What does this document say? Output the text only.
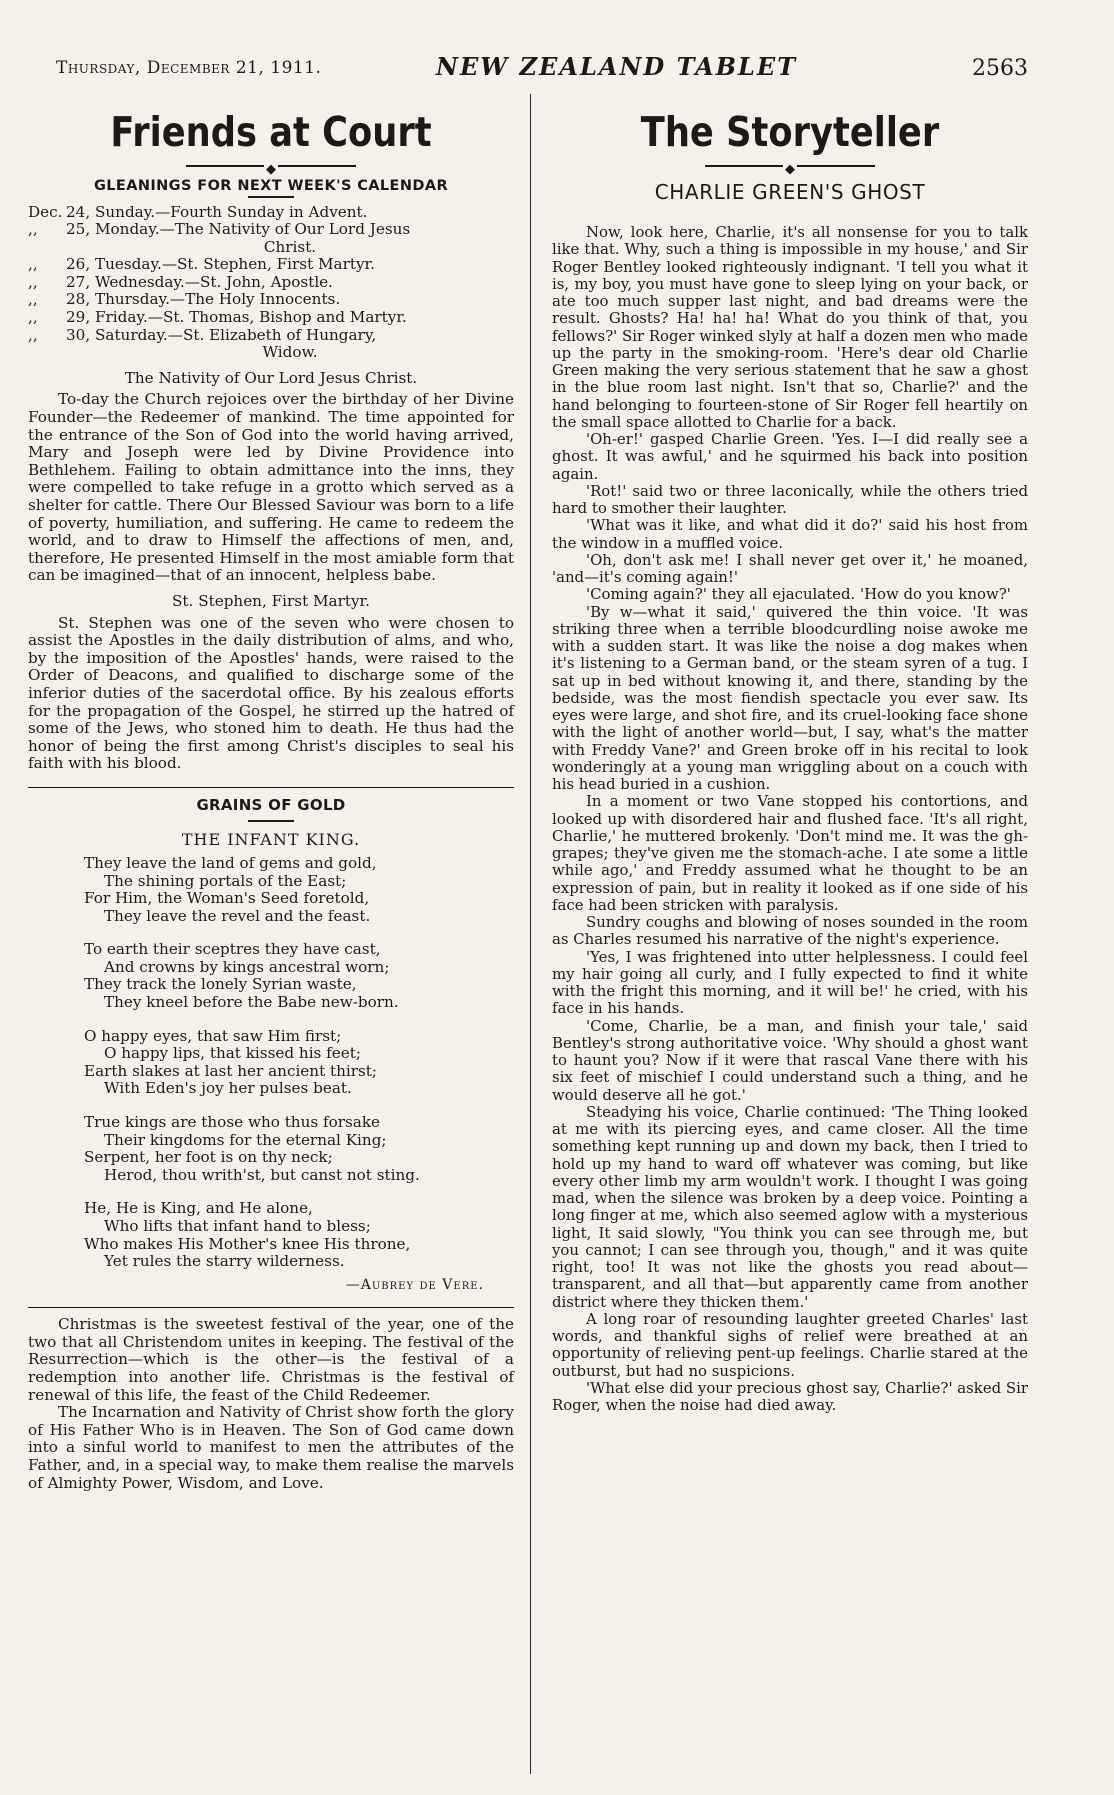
Thursday, December 21, 1911.	NEW ZEALAND TABLET	2563
Friends at Court
◆
GLEANINGS FOR NEXT WEEK'S CALENDAR
Dec. 24, Sunday.—Fourth Sunday in Advent.
,,	25, Monday.—The Nativity of Our Lord Jesus
Christ.
,,	26, Tuesday.—St. Stephen, First Martyr.
,,	27, Wednesday.—St. John, Apostle.
,,	28, Thursday.—The Holy Innocents.
,,	29, Friday.—St. Thomas, Bishop and Martyr.
,,	30, Saturday.—St. Elizabeth of Hungary,
Widow.

The Nativity of Our Lord Jesus Christ.

To-day the Church rejoices over the birthday of her Divine Founder—the Redeemer of mankind. The time appointed for the entrance of the Son of God into the world having arrived, Mary and Joseph were led by Divine Providence into Bethlehem. Failing to obtain admittance into the inns, they were compelled to take refuge in a grotto which served as a shelter for cattle. There Our Blessed Saviour was born to a life of poverty, humiliation, and suffering. He came to redeem the world, and to draw to Himself the affections of men, and, therefore, He presented Himself in the most amiable form that can be imagined—that of an innocent, helpless babe.

St. Stephen, First Martyr.

St. Stephen was one of the seven who were chosen to assist the Apostles in the daily distribution of alms, and who, by the imposition of the Apostles' hands, were raised to the Order of Deacons, and qualified to discharge some of the inferior duties of the sacerdotal office. By his zealous efforts for the propagation of the Gospel, he stirred up the hatred of some of the Jews, who stoned him to death. He thus had the honor of being the first among Christ's disciples to seal his faith with his blood.

GRAINS OF GOLD
THE INFANT KING.
They leave the land of gems and gold,
The shining portals of the East;
For Him, the Woman's Seed foretold,
They leave the revel and the feast.
To earth their sceptres they have cast,
And crowns by kings ancestral worn;
They track the lonely Syrian waste,
They kneel before the Babe new-born.
O happy eyes, that saw Him first;
O happy lips, that kissed his feet;
Earth slakes at last her ancient thirst;
With Eden's joy her pulses beat.
True kings are those who thus forsake
Their kingdoms for the eternal King;
Serpent, her foot is on thy neck;
Herod, thou writh'st, but canst not sting.
He, He is King, and He alone,
Who lifts that infant hand to bless;
Who makes His Mother's knee His throne,
Yet rules the starry wilderness.
—Aubrey de Vere.

Christmas is the sweetest festival of the year, one of the two that all Christendom unites in keeping. The festival of the Resurrection—which is the other—is the festival of a redemption into another life. Christmas is the festival of renewal of this life, the feast of the Child Redeemer.

The Incarnation and Nativity of Christ show forth the glory of His Father Who is in Heaven. The Son of God came down into a sinful world to manifest to men the attributes of the Father, and, in a special way, to make them realise the marvels of Almighty Power, Wisdom, and Love.

The Storyteller
◆
CHARLIE GREEN'S GHOST

Now, look here, Charlie, it's all nonsense for you to talk like that. Why, such a thing is impossible in my house,' and Sir Roger Bentley looked righteously indignant. 'I tell you what it is, my boy, you must have gone to sleep lying on your back, or ate too much supper last night, and bad dreams were the result. Ghosts? Ha! ha! ha! What do you think of that, you fellows?' Sir Roger winked slyly at half a dozen men who made up the party in the smoking-room. 'Here's dear old Charlie Green making the very serious statement that he saw a ghost in the blue room last night. Isn't that so, Charlie?' and the hand belonging to fourteen-stone of Sir Roger fell heartily on the small space allotted to Charlie for a back.

'Oh-er!' gasped Charlie Green. 'Yes. I—I did really see a ghost. It was awful,' and he squirmed his back into position again.

'Rot!' said two or three laconically, while the others tried hard to smother their laughter.

'What was it like, and what did it do?' said his host from the window in a muffled voice.

'Oh, don't ask me! I shall never get over it,' he moaned, 'and—it's coming again!'

'Coming again?' they all ejaculated. 'How do you know?'

'By w—what it said,' quivered the thin voice. 'It was striking three when a terrible bloodcurdling noise awoke me with a sudden start. It was like the noise a dog makes when it's listening to a German band, or the steam syren of a tug. I sat up in bed without knowing it, and there, standing by the bedside, was the most fiendish spectacle you ever saw. Its eyes were large, and shot fire, and its cruel-looking face shone with the light of another world—but, I say, what's the matter with Freddy Vane?' and Green broke off in his recital to look wonderingly at a young man wriggling about on a couch with his head buried in a cushion.

In a moment or two Vane stopped his contortions, and looked up with disordered hair and flushed face. 'It's all right, Charlie,' he muttered brokenly. 'Don't mind me. It was the gh-grapes; they've given me the stomach-ache. I ate some a little while ago,' and Freddy assumed what he thought to be an expression of pain, but in reality it looked as if one side of his face had been stricken with paralysis.

Sundry coughs and blowing of noses sounded in the room as Charles resumed his narrative of the night's experience.

'Yes, I was frightened into utter helplessness. I could feel my hair going all curly, and I fully expected to find it white with the fright this morning, and it will be!' he cried, with his face in his hands.

'Come, Charlie, be a man, and finish your tale,' said Bentley's strong authoritative voice. 'Why should a ghost want to haunt you? Now if it were that rascal Vane there with his six feet of mischief I could understand such a thing, and he would deserve all he got.'

Steadying his voice, Charlie continued: 'The Thing looked at me with its piercing eyes, and came closer. All the time something kept running up and down my back, then I tried to hold up my hand to ward off whatever was coming, but like every other limb my arm wouldn't work. I thought I was going mad, when the silence was broken by a deep voice. Pointing a long finger at me, which also seemed aglow with a mysterious light, It said slowly, "You think you can see through me, but you cannot; I can see through you, though," and it was quite right, too! It was not like the ghosts you read about—transparent, and all that—but apparently came from another district where they thicken them.'

A long roar of resounding laughter greeted Charles' last words, and thankful sighs of relief were breathed at an opportunity of relieving pent-up feelings. Charlie stared at the outburst, but had no suspicions.

'What else did your precious ghost say, Charlie?' asked Sir Roger, when the noise had died away.
